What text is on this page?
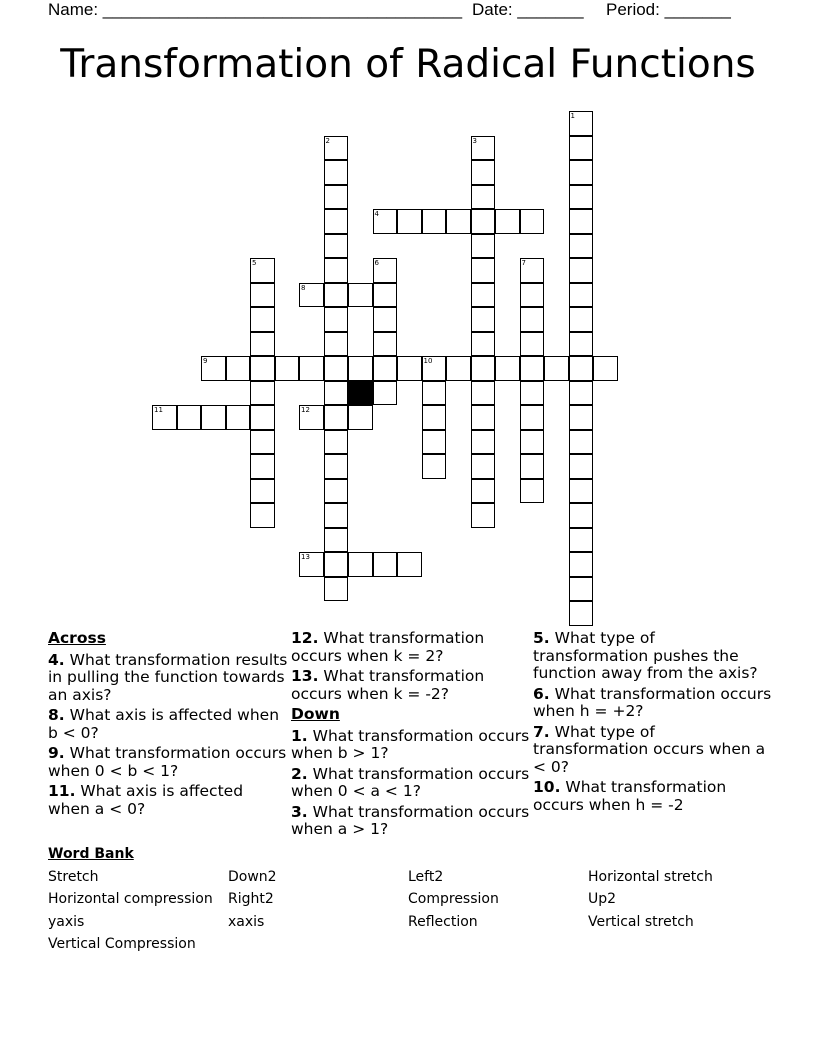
Name: ______________________________________

Date: _______

Period: _______

Transformation of Radical Functions
1
2	3
5	6	7
10
4
8
9
11	12
13
Across
4. What transformation results in pulling the function towards an axis?
8. What axis is affected when b < 0?
9. What transformation occurs when 0 < b < 1?
11. What axis is affected when a < 0?
12. What transformation occurs when k = 2?
13. What transformation occurs when k = -2?
Down
1. What transformation occurs when b > 1?
2. What transformation occurs when 0 < a < 1?
3. What transformation occurs when a > 1?
5. What type of transformation pushes the function away from the axis?
6. What transformation occurs when h = +2?
7. What type of transformation occurs when a < 0?
10. What transformation occurs when h = -2
Word Bank
Stretch	Down2	Left2	Horizontal stretch
Horizontal compression Right2	Compression	Up2
yaxis	xaxis	Reflection	Vertical stretch
Vertical Compression
